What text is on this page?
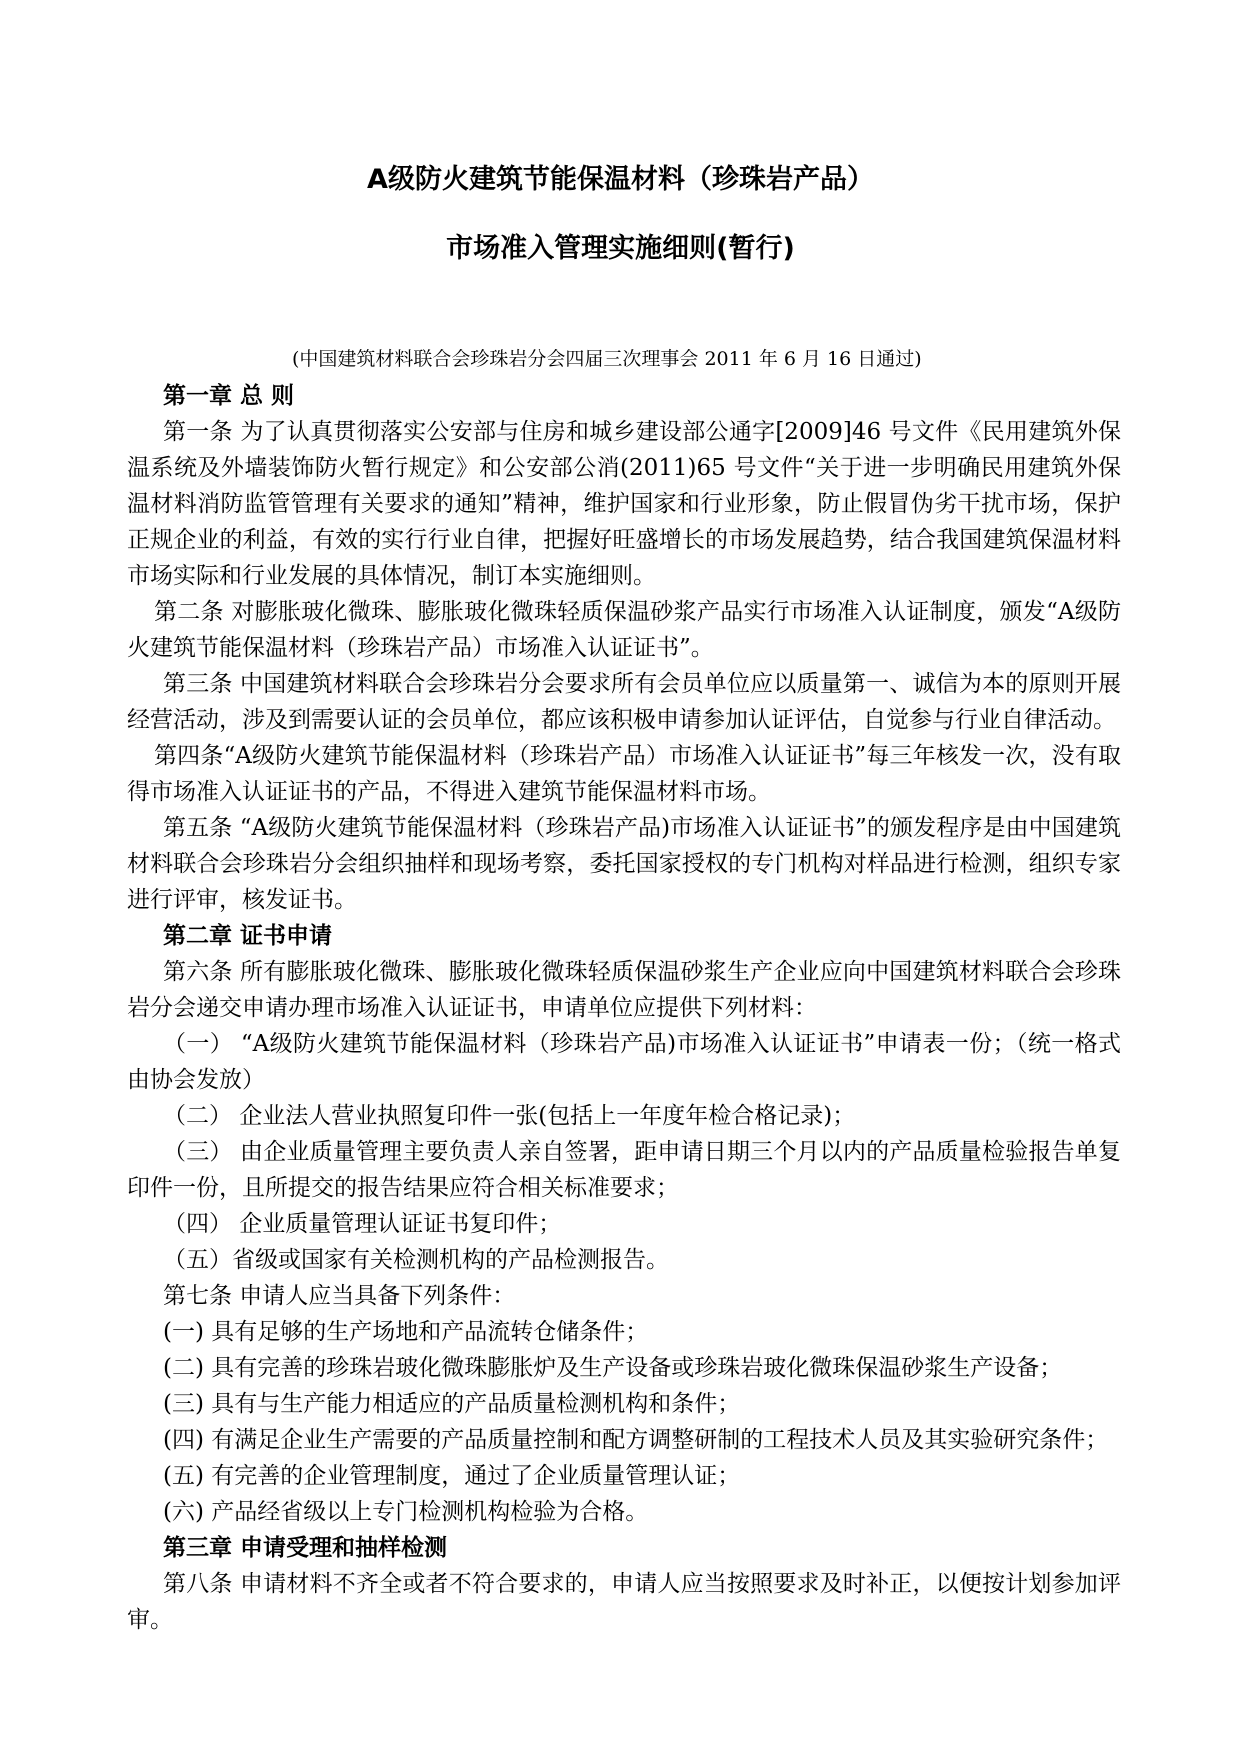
A级防火建筑节能保温材料（珍珠岩产品）
市场准入管理实施细则(暂行)

(中国建筑材料联合会珍珠岩分会四届三次理事会 2011 年 6 月 16 日通过)

第一章 总 则

第一条 为了认真贯彻落实公安部与住房和城乡建设部公通字[2009]46 号文件《民用建筑外保温系统及外墙装饰防火暂行规定》和公安部公消(2011)65 号文件“关于进一步明确民用建筑外保温材料消防监管管理有关要求的通知”精神，维护国家和行业形象，防止假冒伪劣干扰市场，保护正规企业的利益，有效的实行行业自律，把握好旺盛增长的市场发展趋势，结合我国建筑保温材料市场实际和行业发展的具体情况，制订本实施细则。

第二条 对膨胀玻化微珠、膨胀玻化微珠轻质保温砂浆产品实行市场准入认证制度，颁发“A级防火建筑节能保温材料（珍珠岩产品）市场准入认证证书”。

第三条 中国建筑材料联合会珍珠岩分会要求所有会员单位应以质量第一、诚信为本的原则开展经营活动，涉及到需要认证的会员单位，都应该积极申请参加认证评估，自觉参与行业自律活动。

第四条“A级防火建筑节能保温材料（珍珠岩产品）市场准入认证证书”每三年核发一次，没有取得市场准入认证证书的产品，不得进入建筑节能保温材料市场。

第五条 “A级防火建筑节能保温材料（珍珠岩产品)市场准入认证证书”的颁发程序是由中国建筑材料联合会珍珠岩分会组织抽样和现场考察，委托国家授权的专门机构对样品进行检测，组织专家进行评审，核发证书。

第二章 证书申请

第六条 所有膨胀玻化微珠、膨胀玻化微珠轻质保温砂浆生产企业应向中国建筑材料联合会珍珠岩分会递交申请办理市场准入认证证书，申请单位应提供下列材料：

（一） “A级防火建筑节能保温材料（珍珠岩产品)市场准入认证证书”申请表一份；（统一格式由协会发放）

（二） 企业法人营业执照复印件一张(包括上一年度年检合格记录)；

（三） 由企业质量管理主要负责人亲自签署，距申请日期三个月以内的产品质量检验报告单复印件一份，且所提交的报告结果应符合相关标准要求；

（四） 企业质量管理认证证书复印件；

（五）省级或国家有关检测机构的产品检测报告。

第七条 申请人应当具备下列条件：

(一) 具有足够的生产场地和产品流转仓储条件；

(二) 具有完善的珍珠岩玻化微珠膨胀炉及生产设备或珍珠岩玻化微珠保温砂浆生产设备；

(三) 具有与生产能力相适应的产品质量检测机构和条件；

(四) 有满足企业生产需要的产品质量控制和配方调整研制的工程技术人员及其实验研究条件；

(五) 有完善的企业管理制度，通过了企业质量管理认证；

(六) 产品经省级以上专门检测机构检验为合格。

第三章 申请受理和抽样检测

第八条 申请材料不齐全或者不符合要求的，申请人应当按照要求及时补正，以便按计划参加评审。
